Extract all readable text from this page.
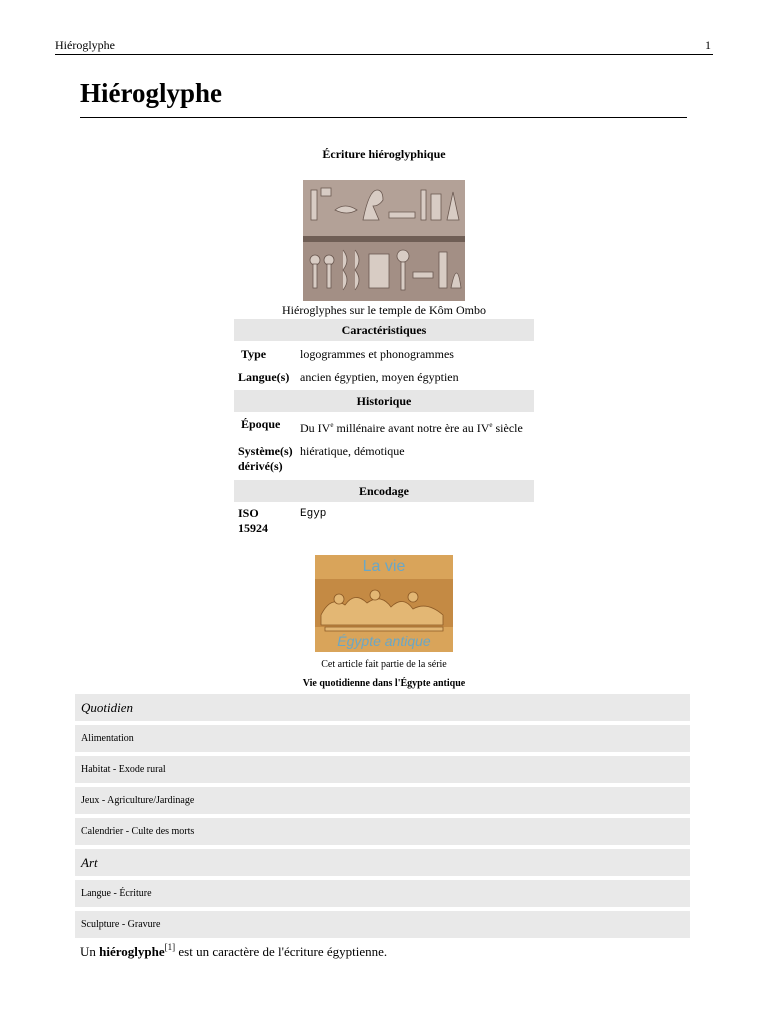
Hiéroglyphe	1
Hiéroglyphe
Écriture hiéroglyphique
Hiéroglyphes sur le temple de Kôm Ombo
Caractéristiques
Type	logogrammes et phonogrammes
Langue(s) ancien égyptien, moyen égyptien
Historique
Époque Du IVe millénaire avant notre ère au IVe siècle
Système(s)
dérivé(s)
hiératique, démotique
Encodage
ISO
15924
Egyp
La vie
Égypte antique
Cet article fait partie de la série
Vie quotidienne dans l'Égypte antique
Quotidien
Alimentation
Habitat - Exode rural
Jeux - Agriculture/Jardinage
Calendrier - Culte des morts
Art
Langue - Écriture
Sculpture - Gravure

Un hiéroglyphe[1] est un caractère de l'écriture égyptienne.
